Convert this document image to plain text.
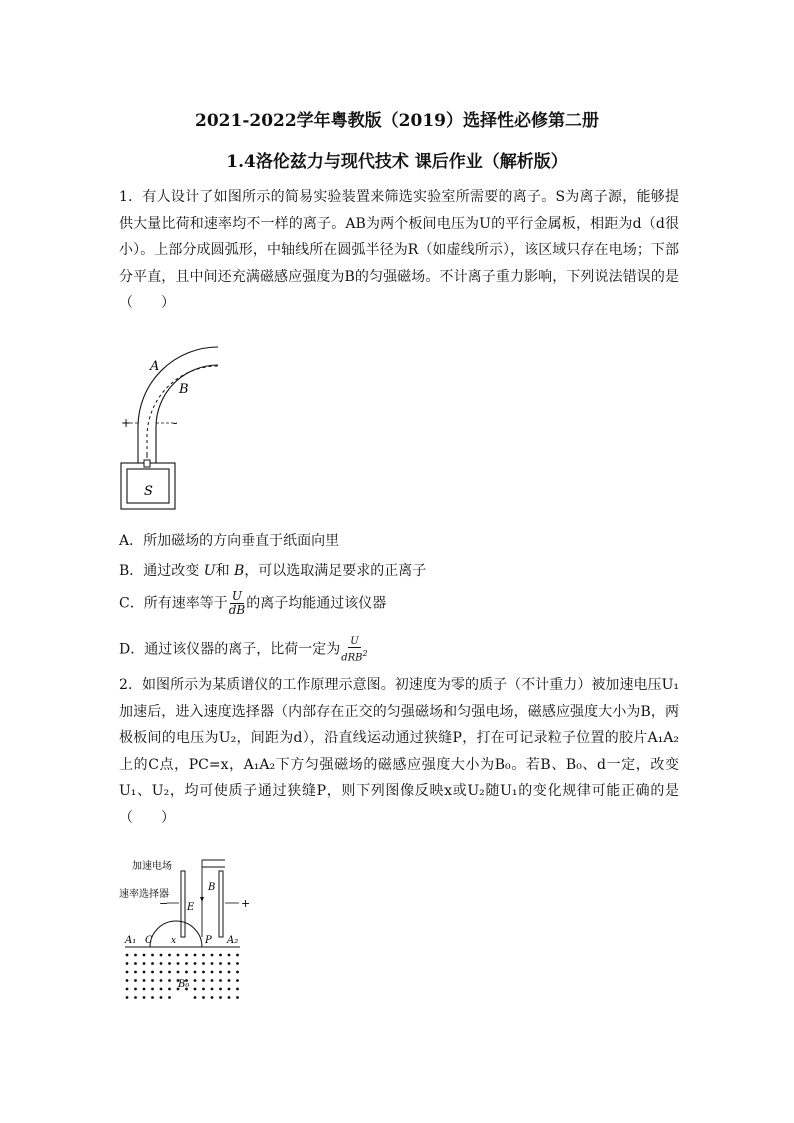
2021-2022学年粤教版（2019）选择性必修第二册
1.4洛伦兹力与现代技术 课后作业（解析版）
1．有人设计了如图所示的简易实验装置来筛选实验室所需要的离子。S为离子源，能够提供大量比荷和速率均不一样的离子。AB为两个板间电压为U的平行金属板，相距为d（d很小）。上部分成圆弧形，中轴线所在圆弧半径为R（如虚线所示），该区域只存在电场；下部分平直，且中间还充满磁感应强度为B的匀强磁场。不计离子重力影响，下列说法错误的是（　　）
+	-
A
B
S
A．所加磁场的方向垂直于纸面向里
B．通过改变 U和 B，可以选取满足要求的正离子
C．所有速率等于 $\frac{U}{dB}$ 的离子均能通过该仪器
D．通过该仪器的离子，比荷一定为 $\frac{U}{dRB^2}$
2．如图所示为某质谱仪的工作原理示意图。初速度为零的质子（不计重力）被加速电压U₁加速后，进入速度选择器（内部存在正交的匀强磁场和匀强电场，磁感应强度大小为B，两极板间的电压为U₂，间距为d），沿直线运动通过狭缝P，打在可记录粒子位置的胶片A₁A₂上的C点，PC=x，A₁A₂下方匀强磁场的磁感应强度大小为B₀。若B、B₀、d一定，改变U₁、U₂，均可使质子通过狭缝P，则下列图像反映x或U₂随U₁的变化规律可能正确的是（　　）
加速电场
速率选择器
E
B
−	+
A₁ C x	P A₂
B₀
